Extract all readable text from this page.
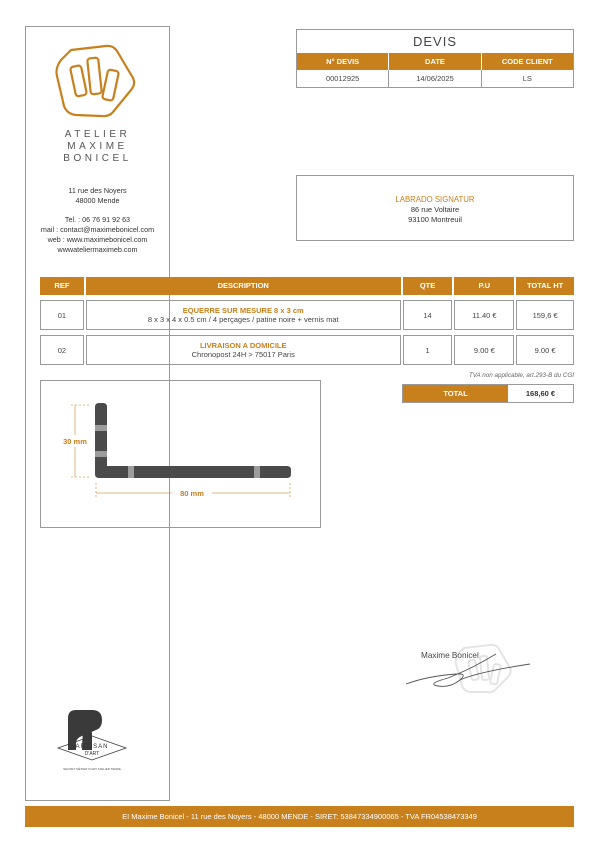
ATELIER
MAXIME
BONICEL
11 rue des Noyers
48000 Mende
Tel. : 06 76 91 92 63
mail : contact@maximebonicel.com
web : www.maximebonicel.com
wwwatelier​maximeb.com
DEVIS
N° DEVIS	DATE	CODE CLIENT
00012925	14/06/2025	LS
LABRADO SIGNATUR
86 rue Voltaire
93100 Montreuil
REF	DESCRIPTION	QTE	P.U	TOTAL HT
01	EQUERRE SUR MESURE 8 x 3 cm
8 x 3 x 4 x 0.5 cm / 4 perçages / patine noire + vernis mat	14	11.40 €	159,6 €
02	LIVRAISON A DOMICILE
Chronopost 24H > 75017 Paris	1	9.00 €	9.00 €
TVA non applicable, art.293-B du CGI
TOTAL	168,60 €
30 mm
80 mm
Maxime Bonicel
ARTISAN
D'ART
SECRET MÉTIER D'ART ATELIER TERRE
EI Maxime Bonicel - 11 rue des Noyers - 48000 MENDE - SIRET: 53847334900065 - TVA FR04538473349
